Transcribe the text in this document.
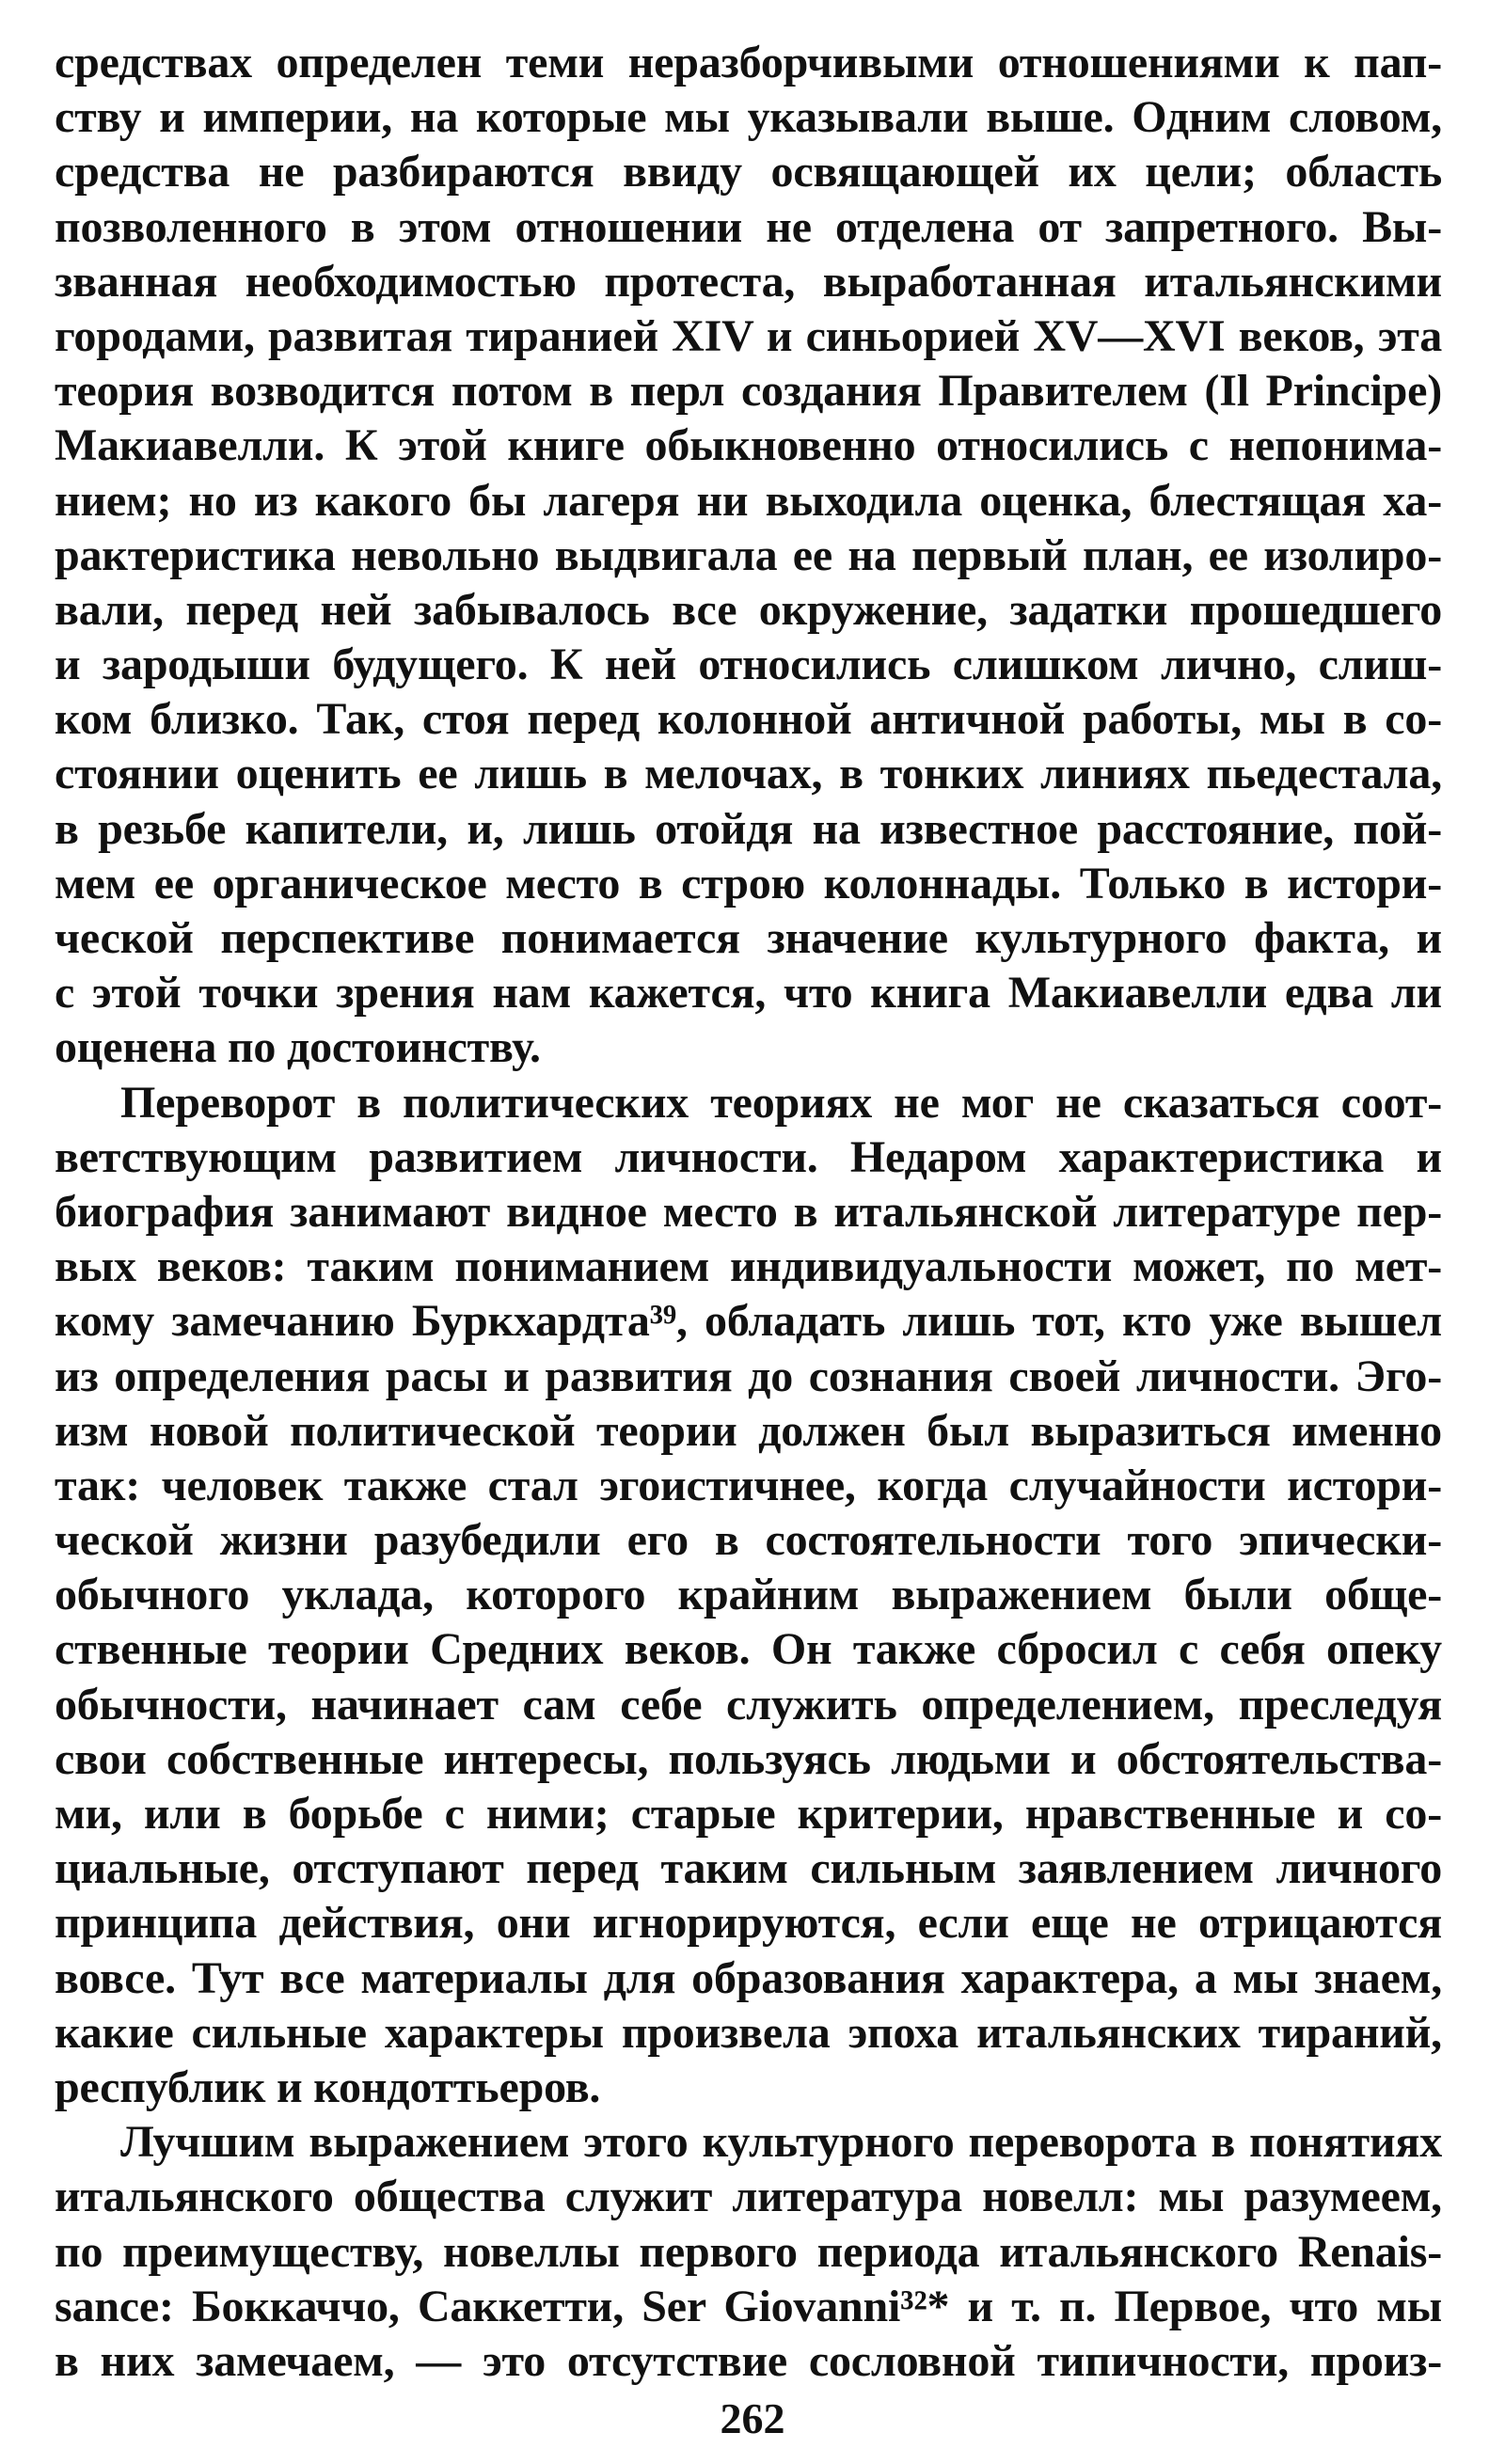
средствах определен теми неразборчивыми отношениями к пап-
ству и империи, на которые мы указывали выше. Одним словом,
средства не разбираются ввиду освящающей их цели; область
позволенного в этом отношении не отделена от запретного. Вы-
званная необходимостью протеста, выработанная итальянскими
городами, развитая тиранией XIV и синьорией XV—XVI веков, эта
теория возводится потом в перл создания Правителем (Il Principe)
Макиавелли. К этой книге обыкновенно относились с непонима-
нием; но из какого бы лагеря ни выходила оценка, блестящая ха-
рактеристика невольно выдвигала ее на первый план, ее изолиро-
вали, перед ней забывалось все окружение, задатки прошедшего
и зародыши будущего. К ней относились слишком лично, слиш-
ком близко. Так, стоя перед колонной античной работы, мы в со-
стоянии оценить ее лишь в мелочах, в тонких линиях пьедестала,
в резьбе капители, и, лишь отойдя на известное расстояние, пой-
мем ее органическое место в строю колоннады. Только в истори-
ческой перспективе понимается значение культурного факта, и
с этой точки зрения нам кажется, что книга Макиавелли едва ли
оценена по достоинству.
Переворот в политических теориях не мог не сказаться соот-
ветствующим развитием личности. Недаром характеристика и
биография занимают видное место в итальянской литературе пер-
вых веков: таким пониманием индивидуальности может, по мет-
кому замечанию Буркхардта³⁹, обладать лишь тот, кто уже вышел
из определения расы и развития до сознания своей личности. Эго-
изм новой политической теории должен был выразиться именно
так: человек также стал эгоистичнее, когда случайности истори-
ческой жизни разубедили его в состоятельности того эпически-
обычного уклада, которого крайним выражением были обще-
ственные теории Средних веков. Он также сбросил с себя опеку
обычности, начинает сам себе служить определением, преследуя
свои собственные интересы, пользуясь людьми и обстоятельства-
ми, или в борьбе с ними; старые критерии, нравственные и со-
циальные, отступают перед таким сильным заявлением личного
принципа действия, они игнорируются, если еще не отрицаются
вовсе. Тут все материалы для образования характера, а мы знаем,
какие сильные характеры произвела эпоха итальянских тираний,
республик и кондоттьеров.
Лучшим выражением этого культурного переворота в понятиях
итальянского общества служит литература новелл: мы разумеем,
по преимуществу, новеллы первого периода итальянского Renais-
sance: Боккаччо, Саккетти, Ser Giovanni³²* и т. п. Первое, что мы
в них замечаем, — это отсутствие сословной типичности, произ-
262
